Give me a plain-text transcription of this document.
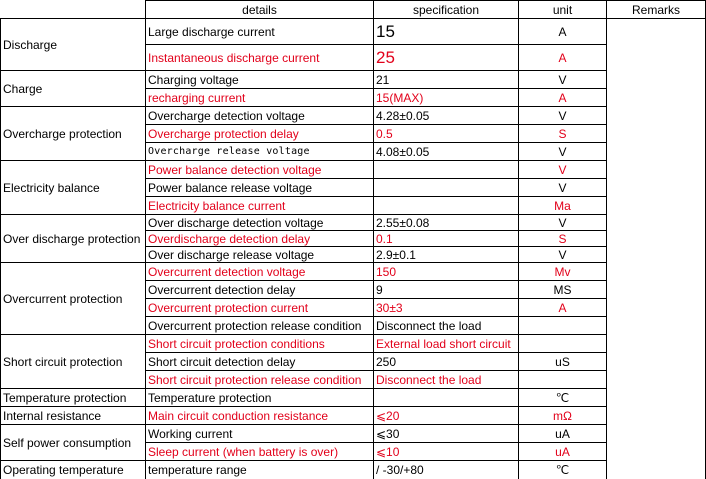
	details	specification	unit	Remarks
Discharge	Large discharge current	15	A	
	Instantaneous discharge current	25	A	
Charge	Charging voltage	21	V	
	recharging current	15(MAX)	A	
Overcharge protection	Overcharge detection voltage	4.28±0.05	V	
	Overcharge protection delay	0.5	S	
	Overcharge release voltage	4.08±0.05	V	
Electricity balance	Power balance detection voltage		V	
	Power balance release voltage		V	
	Electricity balance current		Ma	
Over discharge protection	Over discharge detection voltage	2.55±0.08	V	
	Overdischarge detection delay	0.1	S	
	Over discharge release voltage	2.9±0.1	V	
Overcurrent protection	Overcurrent detection voltage	150	Mv	
	Overcurrent detection delay	9	MS	
	Overcurrent protection current	30±3	A	
	Overcurrent protection release condition	Disconnect the load		
Short circuit protection	Short circuit protection conditions	External load short circuit		
	Short circuit detection delay	250	uS	
	Short circuit protection release condition	Disconnect the load		
Temperature protection	Temperature protection		℃	
Internal resistance	Main circuit conduction resistance	⩽20	mΩ	
Self power consumption	Working current	⩽30	uA	
	Sleep current (when battery is over)	⩽10	uA	
Operating temperature	temperature range	/ -30/+80	℃	
